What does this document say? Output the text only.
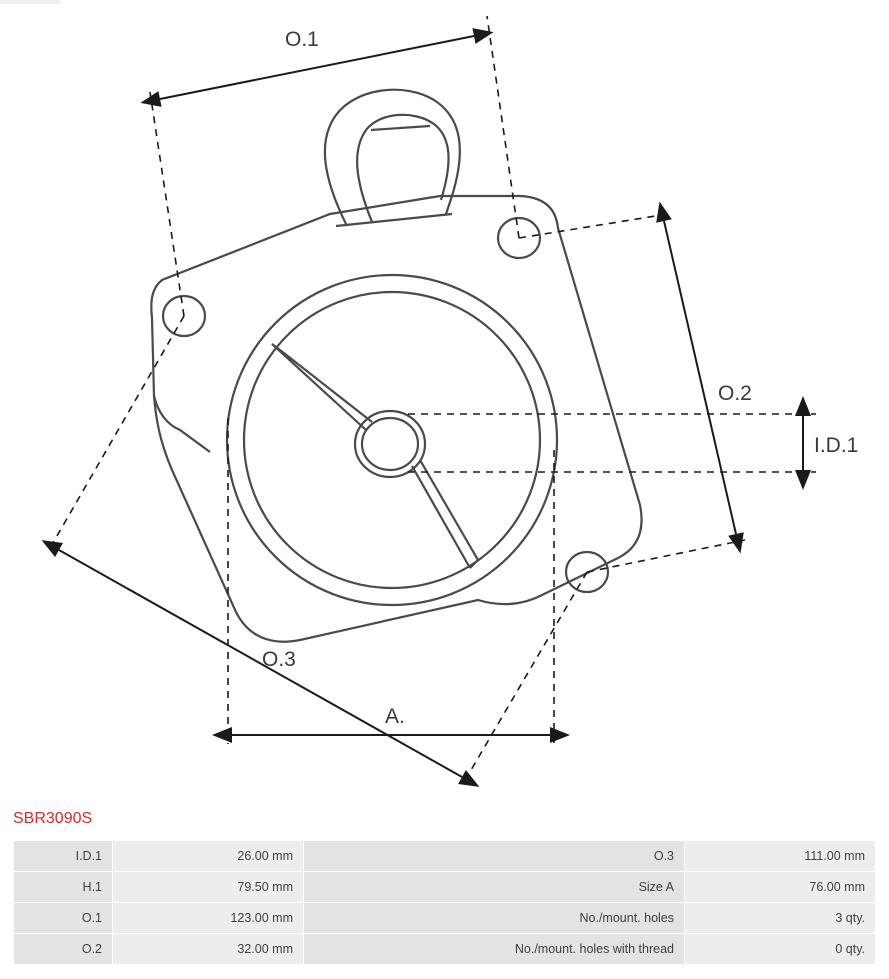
O.1
O.2
I.D.1
O.3
A.
SBR3090S
I.D.1	26.00 mm	O.3	111.00 mm
H.1	79.50 mm	Size A	76.00 mm
O.1	123.00 mm	No./mount. holes	3 qty.
O.2	32.00 mm	No./mount. holes with thread	0 qty.
